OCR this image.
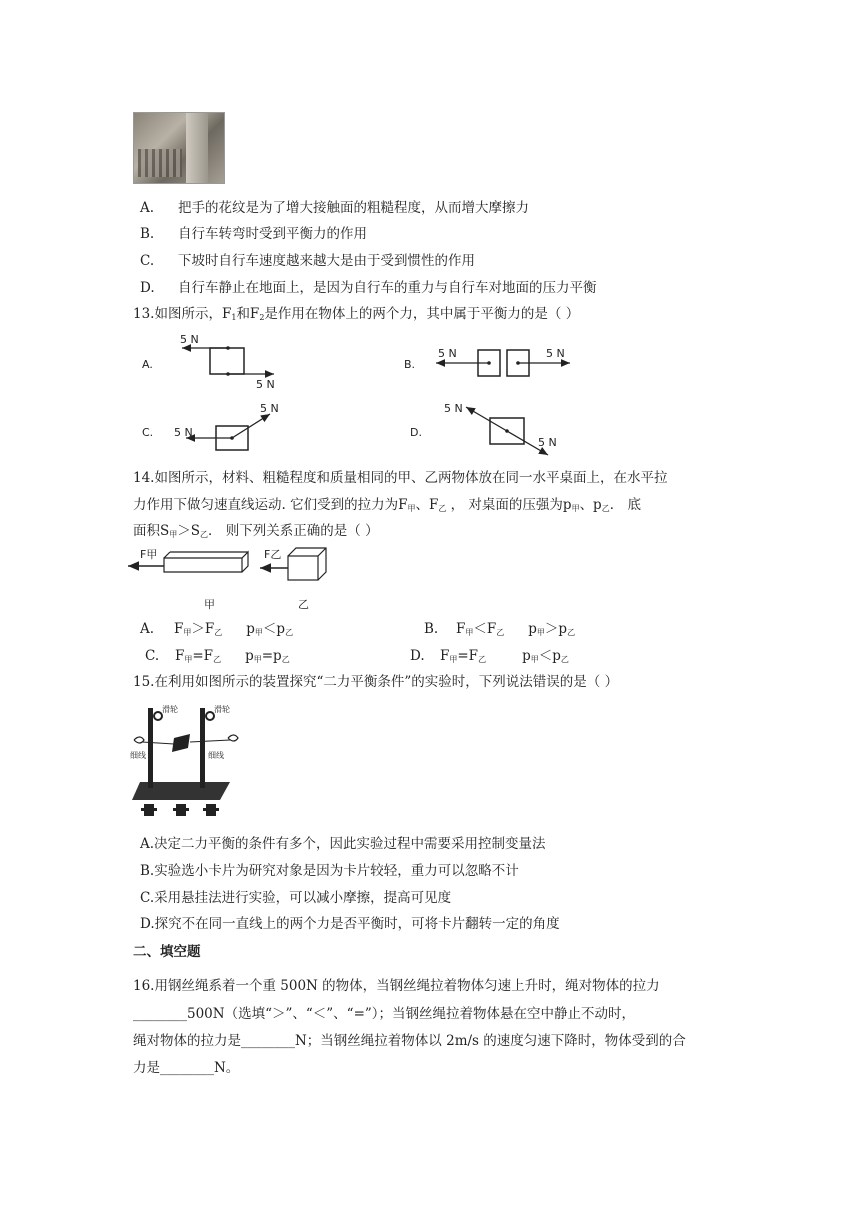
A. 把手的花纹是为了增大接触面的粗糙程度，从而增大摩擦力
B. 自行车转弯时受到平衡力的作用
C. 下坡时自行车速度越来越大是由于受到惯性的作用
D. 自行车静止在地面上，是因为自行车的重力与自行车对地面的压力平衡
13.如图所示，$F_1$和$F_2$是作用在物体上的两个力，其中属于平衡力的是（ ）
A.
5 N
5 N
B.
5 N	5 N
C. 5 N
5 N
D.
5 N
5 N
14.如图所示，材料、粗糙程度和质量相同的甲、乙两物体放在同一水平桌面上，在水平拉
力作用下做匀速直线运动. 它们受到的拉力为$F_甲$、$F_乙$ ， 对桌面的压强为$p_甲$、$p_乙$． 底
面积$S_甲>S_乙$． 则下列关系正确的是（ ）
F甲	F乙
甲	乙
A. $F_甲>F_乙$ $p_甲<p_乙$	B. $F_甲<F_乙$ $p_甲>p_乙$
C. $F_甲=F_乙$ $p_甲=p_乙$	D. $F_甲=F_乙$	$p_甲<p_乙$
15.在利用如图所示的装置探究“二力平衡条件”的实验时，下列说法错误的是（ ）
滑轮	滑轮
细线	细线
A.决定二力平衡的条件有多个，因此实验过程中需要采用控制变量法
B.实验选小卡片为研究对象是因为卡片较轻，重力可以忽略不计
C.采用悬挂法进行实验，可以减小摩擦，提高可见度
D.探究不在同一直线上的两个力是否平衡时，可将卡片翻转一定的角度
二、填空题
16.用钢丝绳系着一个重 500N 的物体，当钢丝绳拉着物体匀速上升时，绳对物体的拉力
________500N（选填“＞”、“＜”、“=”）；当钢丝绳拉着物体悬在空中静止不动时，
绳对物体的拉力是________N；当钢丝绳拉着物体以 2m/s 的速度匀速下降时，物体受到的合
力是________N。
